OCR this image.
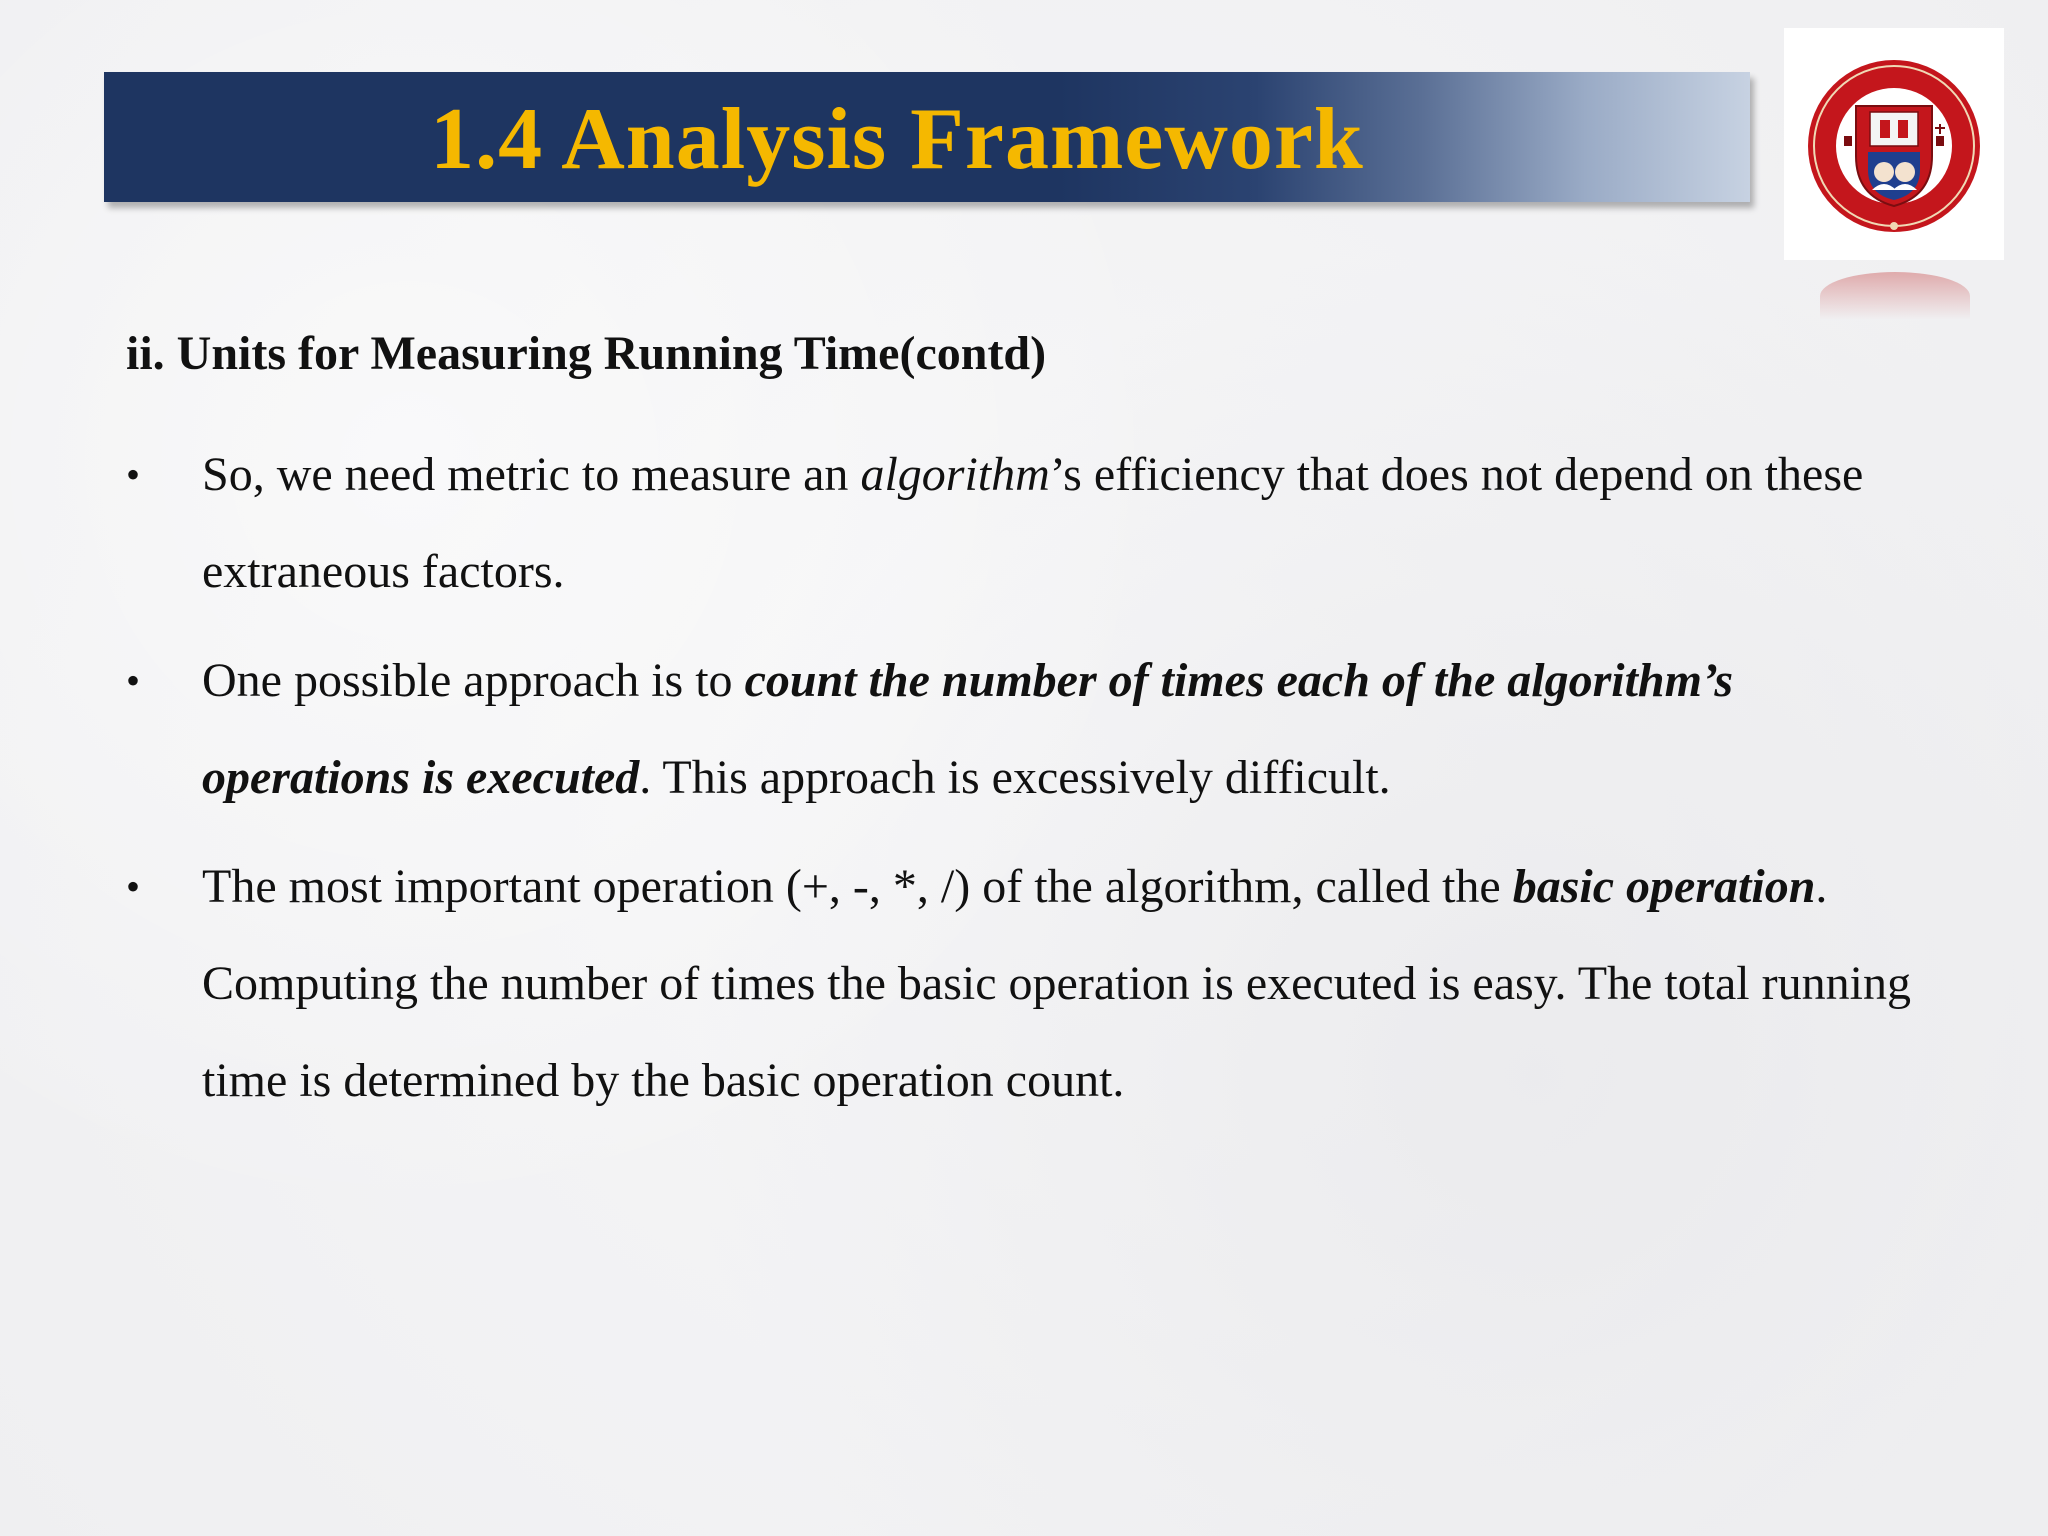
1.4 Analysis Framework
ii. Units for Measuring Running Time(contd)
•	So, we need metric to measure an algorithm’s efficiency that does not depend on these extraneous factors.
•	One possible approach is to count the number of times each of the algorithm’s operations is executed. This approach is excessively difficult.
•	The most important operation (+, -, *, /) of the algorithm, called the basic operation. Computing the number of times the basic operation is executed is easy. The total running time is determined by the basic operation count.
